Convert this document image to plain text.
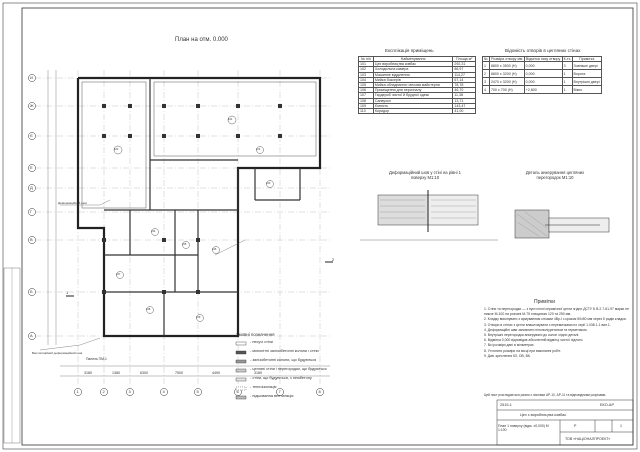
План на отм. 0.000
А
Б
В
Г
Д
Е
Є
Ж
И
1	2	3	4	5	6	7	8
3180	1380	6300	7500	4490	3180
101
102
103
104
105
106
107
108
109
110
1
2
Деформаційний шов
Вентиляційний деформаційний шов
Панель ПМ-1
Експлікація приміщень
№ п/п	Найменування	Площа м²
101	Цех виробництва ковбас	292,31
102	Холодильна камера	86,97
103	Машинне відділення	114,27
104	Мийка боксерів	67,14
105	Мийка обладнання і весова майстерня	78,78
106	Приміщення для персоналу	46,70
107	Гардероб чистої й брудної одежі	11,38
108	Санвузол	13,71
109	Ємність	143,47
110	Коридор	41,00
Відомість отворів в цегляних стінах
№	Розміри отвору мм	Відмітка низу отвору	К-ть	Примітка
1	6800 x 3500 (Н)	0,000	3	Зовнішні двері
2	6800 x 3200 (Н)	0,000	1	Ворота
3	2470 x 3200 (Н)	0,000	1	Внутрішні двері
4	700 x 700 (Н)	+2,800	1	Вікно
Деформаційний шов у стіні на рівні 1 поверху М1:10
Деталь анкерування цегляних перегородок М1:10
Умовні позначення
- несучі стіни
- монолітні залізобетонні колони і стіни
- залізобетонні колони, що будуються
- цегляні стіни і перегородки, що будуються
- стіни, що будуються, з пінобетону
- теплоізоляція
- підшиванна вентиляція
Примітки
1. Стіни та перегородки — з пустотілої керамічної цегли згідно ДСТУ Б В.2.7-61-97 марки не нижче М-100 на розчині М-75 товщиною 120 та 250 мм.
2. Кладку виконувати з армуванням сітками 4Вр-І з кроком 50x50 мм через 5 рядів кладки.
3. Отвори в стінах з цегли влаштовувати з перемичками по серії 1.038.1-1 вип.1.
4. Деформаційні шви заповнити пінополіуретаном та герметиком.
5. Внутрішні перегородки анкерувати до колон згідно деталі.
6. Відмітка 0,000 відповідає абсолютній відмітці чистої підлоги.
7. Всі розміри дані в міліметрах.
8. Уточнити розміри на місці при виконанні робіт.
9. Див. креслення КЗ, ОВ, ВК.
Цей лист розглядається разом з листами АР-10, АР-11 та відповідними розрізами.
2515-1	ЕКО-АР
Цех з виробництва ковбас
План 1 поверху (відм. ±0,000) М 1:100
Р	1
ТОВ «НАЦІОНАЛПРОЕКТ»
